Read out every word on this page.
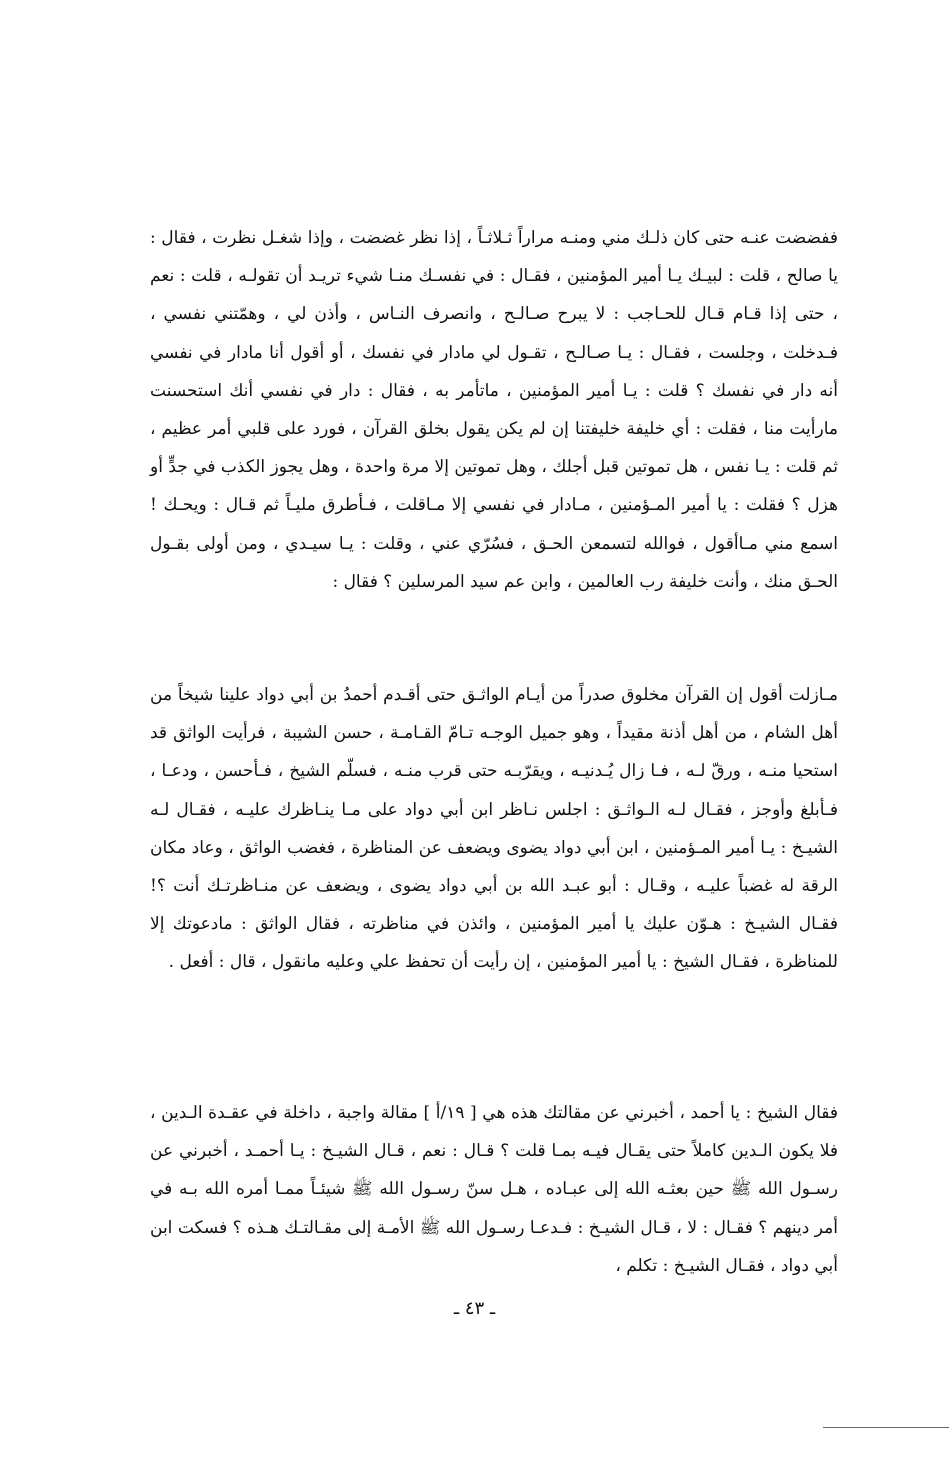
ففضضت عنـه حتى كان ذلـك مني ومنـه مراراً ثـلاثـاً ، إذا نظر غضضت ، وإذا شغـل نظرت ، فقال : يا صالح ، قلت : لبيـك يـا أمير المؤمنين ، فقـال : في نفسـك منـا شيء تريـد أن تقولـه ، قلت : نعم ، حتى إذا قـام قـال للحـاجب : لا يبرح صـالـح ، وانصرف النـاس ، وأذن لي ، وهمّتني نفسي ، فـدخلت ، وجلست ، فقـال : يـا صـالـح ، تقـول لي مادار في نفسك ، أو أقول أنا مادار في نفسي أنه دار في نفسك ؟ قلت : يـا أمير المؤمنين ، ماتأمر به ، فقال : دار في نفسي أنك استحسنت مارأيت منا ، فقلت : أي خليفة خليفتنا إن لم يكن يقول بخلق القرآن ، فورد على قلبي أمر عظيم ، ثم قلت : يـا نفس ، هل تموتين قبل أجلك ، وهل تموتين إلا مرة واحدة ، وهل يجوز الكذب في جدٍّ أو هزل ؟ فقلت : يا أمير المـؤمنين ، مـادار في نفسي إلا مـاقلت ، فـأطرق مليـاً ثم قـال : ويحـك ! اسمع مني مـاأقول ، فوالله لتسمعن الحـق ، فسُرّي عني ، وقلت : يـا سيـدي ، ومن أولى بقـول الحـق منك ، وأنت خليفة رب العالمين ، وابن عم سيد المرسلين ؟ فقال :

مـازلت أقول إن القرآن مخلوق صدراً من أيـام الواثـق حتى أقـدم أحمدُ بن أبي دواد علينا شيخاً من أهل الشام ، من أهل أذنة مقيداً ، وهو جميل الوجـه تـامّ القـامـة ، حسن الشيبة ، فرأيت الواثق قد استحيا منـه ، ورقّ لـه ، فـا زال يُـدنيـه ، ويقرّبـه حتى قرب منـه ، فسلّم الشيخ ، فـأحسن ، ودعـا ، فـأبلغ وأوجز ، فقـال لـه الـواثـق : اجلس نـاظر ابن أبي دواد على مـا ينـاظرك عليـه ، فقـال لـه الشيـخ : يـا أمير المـؤمنين ، ابن أبي دواد يضوى ويضعف عن المناظرة ، فغضب الواثق ، وعاد مكان الرقة له غضباً عليـه ، وقـال : أبو عبـد الله بن أبي دواد يضوى ، ويضعف عن منـاظرتـك أنت ؟! فقـال الشيـخ : هـوّن عليك يا أمير المؤمنين ، وائذن في مناظرته ، فقال الواثق : مادعوتك إلا للمناظرة ، فقـال الشيخ : يا أمير المؤمنين ، إن رأيت أن تحفظ علي وعليه مانقول ، قال : أفعل .

فقال الشيخ : يا أحمد ، أخبرني عن مقالتك هذه هي [ ١٩/أ ] مقالة واجبة ، داخلة في عقـدة الـدين ، فلا يكون الـدين كاملاً حتى يقـال فيـه بمـا قلت ؟ قـال : نعم ، قـال الشيـخ : يـا أحمـد ، أخبرني عن رسـول الله ﷺ حين بعثـه الله إلى عبـاده ، هـل سنّ رسـول الله ﷺ شيئـاً ممـا أمره الله بـه في أمر دينهم ؟ فقـال : لا ، قـال الشيـخ : فـدعـا رسـول الله ﷺ الأمـة إلى مقـالتـك هـذه ؟ فسكت ابن أبي دواد ، فقـال الشيـخ : تكلم ،

ـ ٤٣ ـ
